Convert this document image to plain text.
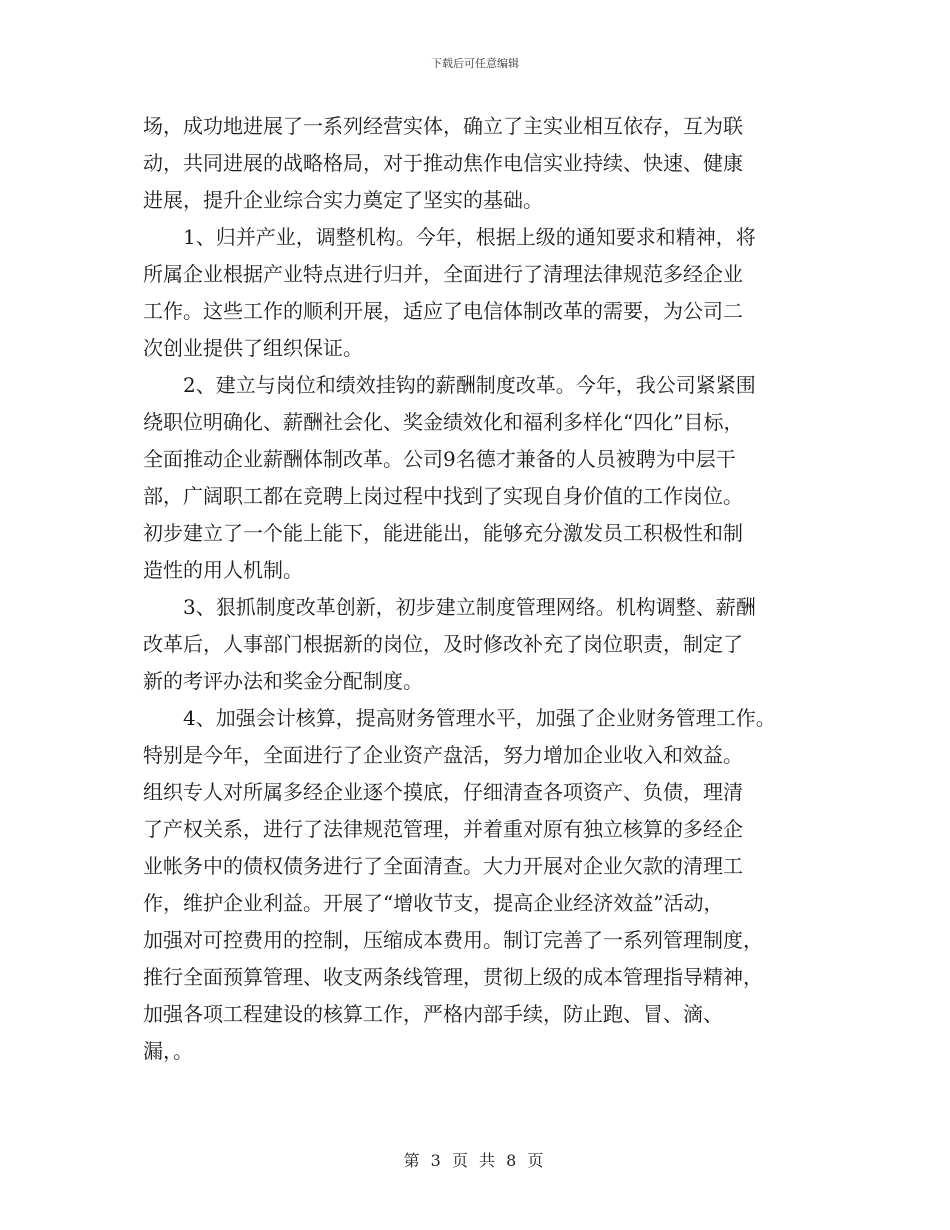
下载后可任意编辑
场，成功地进展了一系列经营实体，确立了主实业相互依存，互为联
动，共同进展的战略格局，对于推动焦作电信实业持续、快速、健康
进展，提升企业综合实力奠定了坚实的基础。
1、归并产业，调整机构。今年，根据上级的通知要求和精神，将
所属企业根据产业特点进行归并，全面进行了清理法律规范多经企业
工作。这些工作的顺利开展，适应了电信体制改革的需要，为公司二
次创业提供了组织保证。
2、建立与岗位和绩效挂钩的薪酬制度改革。今年，我公司紧紧围
绕职位明确化、薪酬社会化、奖金绩效化和福利多样化“四化”目标，
全面推动企业薪酬体制改革。公司9名德才兼备的人员被聘为中层干
部，广阔职工都在竞聘上岗过程中找到了实现自身价值的工作岗位。
初步建立了一个能上能下，能进能出，能够充分激发员工积极性和制
造性的用人机制。
3、狠抓制度改革创新，初步建立制度管理网络。机构调整、薪酬
改革后，人事部门根据新的岗位，及时修改补充了岗位职责，制定了
新的考评办法和奖金分配制度。
4、加强会计核算，提高财务管理水平，加强了企业财务管理工作。
特别是今年，全面进行了企业资产盘活，努力增加企业收入和效益。
组织专人对所属多经企业逐个摸底，仔细清查各项资产、负债，理清
了产权关系，进行了法律规范管理，并着重对原有独立核算的多经企
业帐务中的债权债务进行了全面清查。大力开展对企业欠款的清理工
作，维护企业利益。开展了“增收节支，提高企业经济效益”活动，
加强对可控费用的控制，压缩成本费用。制订完善了一系列管理制度，
推行全面预算管理、收支两条线管理，贯彻上级的成本管理指导精神，
加强各项工程建设的核算工作，严格内部手续，防止跑、冒、滴、
漏，。
第 3 页 共 8 页
